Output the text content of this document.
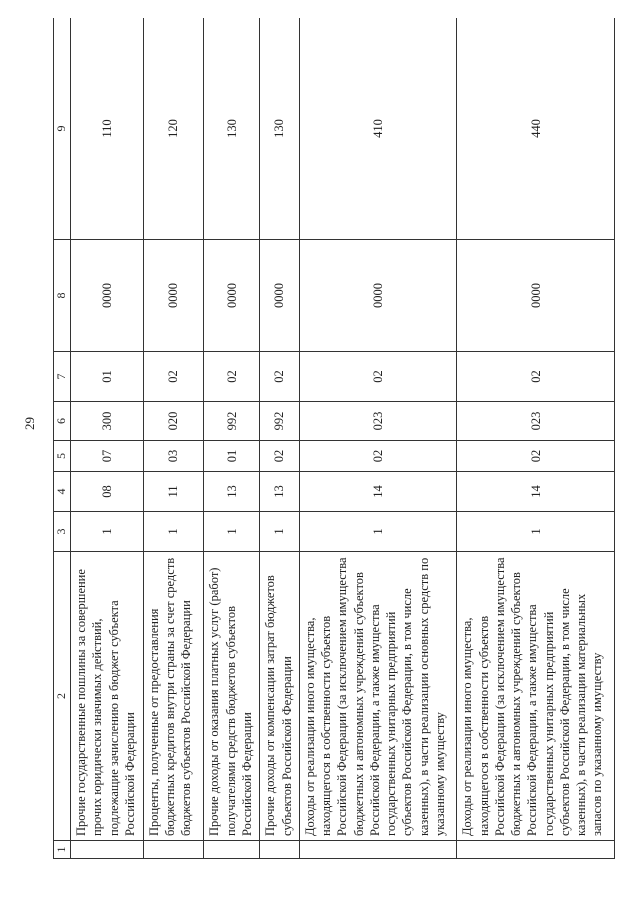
29
1	2	3	4	5	6	7	8	9
	Прочие государственные пошлины за совершение прочих юридически значимых действий, подлежащие зачислению в бюджет субъекта Российской Федерации	1	08	07	300	01	0000	110
	Проценты, полученные от предоставления бюджетных кредитов внутри страны за счет средств бюджетов субъектов Российской Федерации	1	11	03	020	02	0000	120
	Прочие доходы от оказания платных услуг (работ) получателями средств бюджетов субъектов Российской Федерации	1	13	01	992	02	0000	130
	Прочие доходы от компенсации затрат бюджетов субъектов Российской Федерации	1	13	02	992	02	0000	130
	Доходы от реализации иного имущества, находящегося в собственности субъектов Российской Федерации (за исключением имущества бюджетных и автономных учреждений субъектов Российской Федерации, а также имущества государственных унитарных предприятий субъектов Российской Федерации, в том числе казенных), в части реализации основных средств по указанному имуществу	1	14	02	023	02	0000	410
	Доходы от реализации иного имущества, находящегося в собственности субъектов Российской Федерации (за исключением имущества бюджетных и автономных учреждений субъектов Российской Федерации, а также имущества государственных унитарных предприятий субъектов Российской Федерации, в том числе казенных), в части реализации материальных запасов по указанному имуществу	1	14	02	023	02	0000	440
